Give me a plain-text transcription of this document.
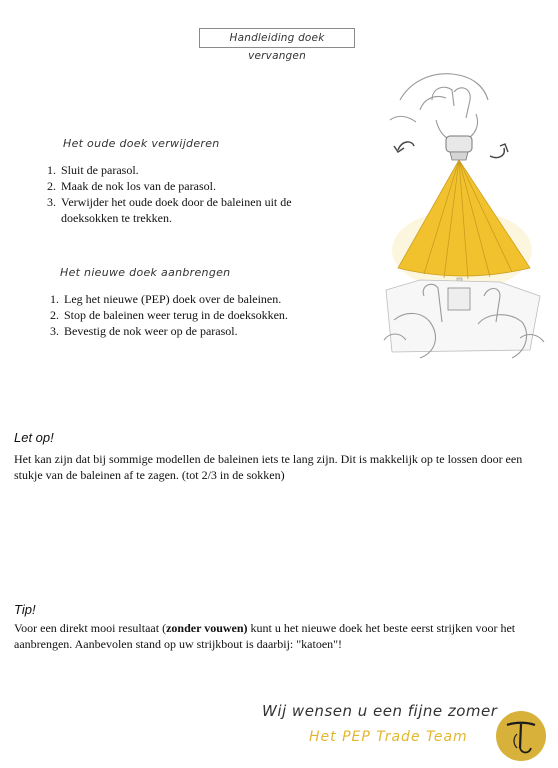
Handleiding doek vervangen
Het oude doek verwijderen
1. Sluit de parasol.
2. Maak de nok los van de parasol.
3. Verwijder het oude doek door de baleinen uit de doeksokken te trekken.
Het nieuwe doek aanbrengen
1. Leg het nieuwe (PEP) doek over de baleinen.
2. Stop de baleinen weer terug in de doeksokken.
3. Bevestig de nok weer op de parasol.
Let op!
Het kan zijn dat bij sommige modellen de baleinen iets te lang zijn. Dit is makkelijk op te lossen door een stukje van de baleinen af te zagen. (tot 2/3 in de sokken)
Tip!
Voor een direkt mooi resultaat (zonder vouwen) kunt u het nieuwe doek het beste eerst strijken voor het aanbrengen. Aanbevolen stand op uw strijkbout is daarbij: "katoen"!
Wij wensen u een fijne zomer
Het PEP Trade Team
